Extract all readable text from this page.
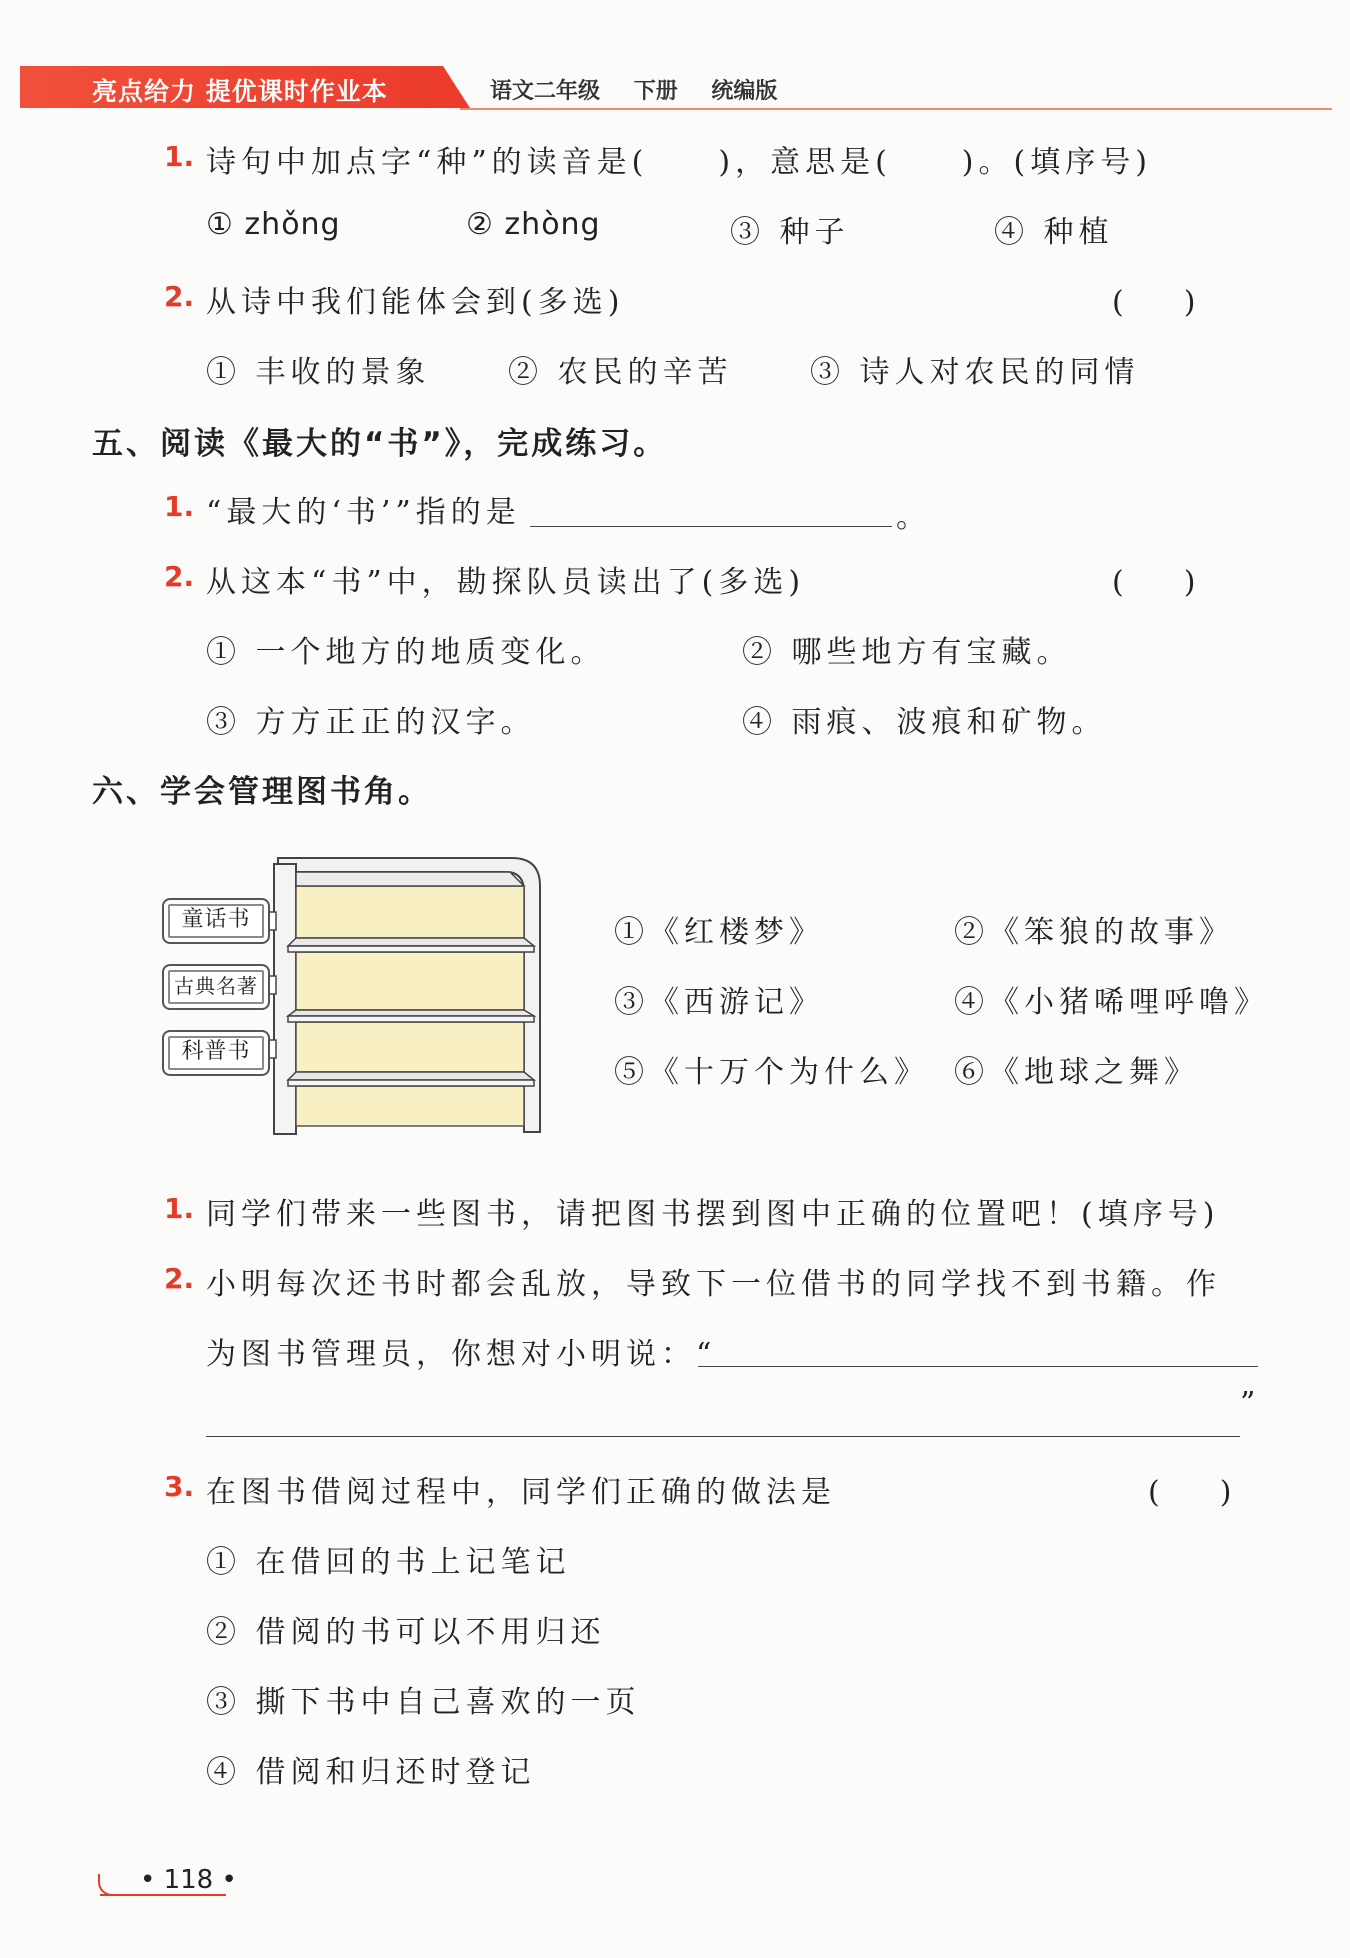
亮点给力 提优课时作业本	语文二年级 下册 统编版
1. 诗句中加点字“种”的读音是(　　)，意思是(　　)。(填序号)
① zhǒng	② zhòng	③ 种子	④ 种植
2. 从诗中我们能体会到(多选)	(　　)
① 丰收的景象	② 农民的辛苦	③ 诗人对农民的同情
五、阅读《最大的“书”》，完成练习。
1. “最大的‘书’”指的是	。
2. 从这本“书”中，勘探队员读出了(多选)	(　　)
① 一个地方的地质变化。	② 哪些地方有宝藏。
③ 方方正正的汉字。	④ 雨痕、波痕和矿物。
六、学会管理图书角。
童话书
古典名著
科普书
①《红楼梦》	②《笨狼的故事》
③《西游记》	④《小猪唏哩呼噜》
⑤《十万个为什么》 ⑥《地球之舞》
1. 同学们带来一些图书，请把图书摆到图中正确的位置吧！(填序号)
2. 小明每次还书时都会乱放，导致下一位借书的同学找不到书籍。作
为图书管理员，你想对小明说：“
”
3. 在图书借阅过程中，同学们正确的做法是	(　　)
① 在借回的书上记笔记
② 借阅的书可以不用归还
③ 撕下书中自己喜欢的一页
④ 借阅和归还时登记
• 118 •
